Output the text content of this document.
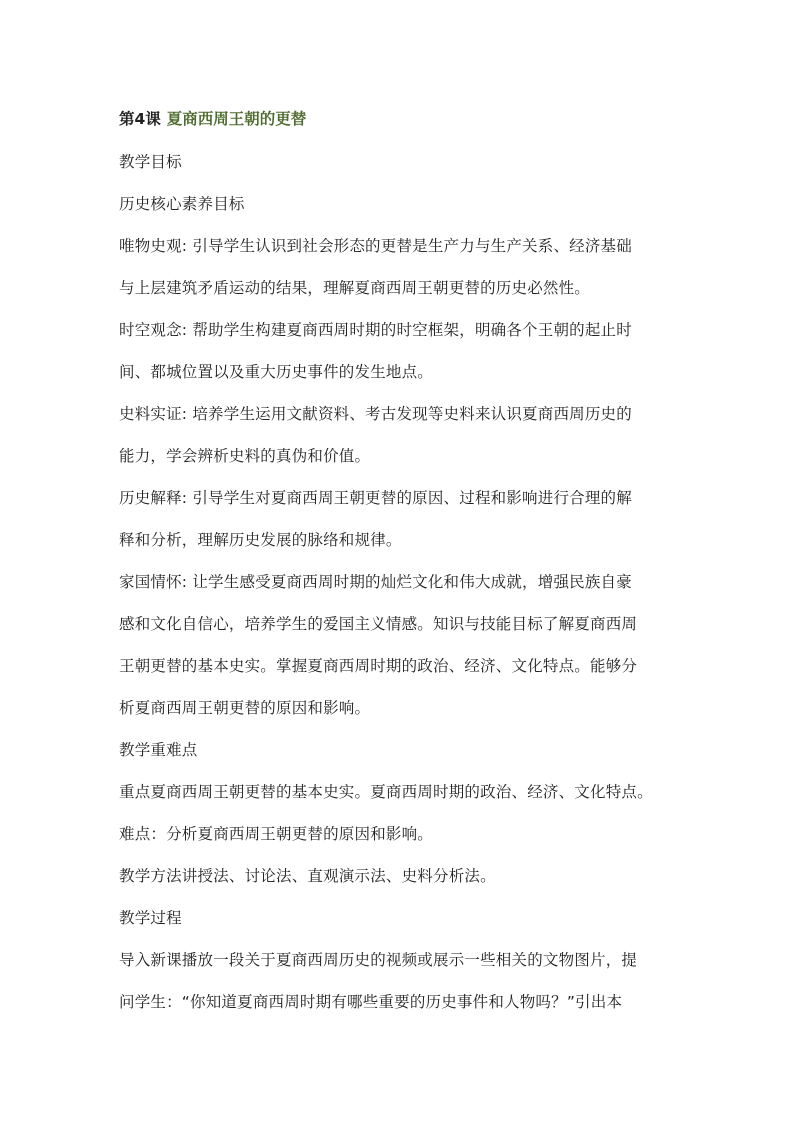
第4课 夏商西周王朝的更替
教学目标
历史核心素养目标
唯物史观: 引导学生认识到社会形态的更替是生产力与生产关系、经济基础
与上层建筑矛盾运动的结果，理解夏商西周王朝更替的历史必然性。
时空观念: 帮助学生构建夏商西周时期的时空框架，明确各个王朝的起止时
间、都城位置以及重大历史事件的发生地点。
史料实证: 培养学生运用文献资料、考古发现等史料来认识夏商西周历史的
能力，学会辨析史料的真伪和价值。
历史解释: 引导学生对夏商西周王朝更替的原因、过程和影响进行合理的解
释和分析，理解历史发展的脉络和规律。
家国情怀: 让学生感受夏商西周时期的灿烂文化和伟大成就，增强民族自豪
感和文化自信心，培养学生的爱国主义情感。知识与技能目标了解夏商西周
王朝更替的基本史实。掌握夏商西周时期的政治、经济、文化特点。能够分
析夏商西周王朝更替的原因和影响。
教学重难点
重点夏商西周王朝更替的基本史实。夏商西周时期的政治、经济、文化特点。
难点：分析夏商西周王朝更替的原因和影响。
教学方法讲授法、讨论法、直观演示法、史料分析法。
教学过程
导入新课播放一段关于夏商西周历史的视频或展示一些相关的文物图片，提
问学生：“你知道夏商西周时期有哪些重要的历史事件和人物吗？”引出本
